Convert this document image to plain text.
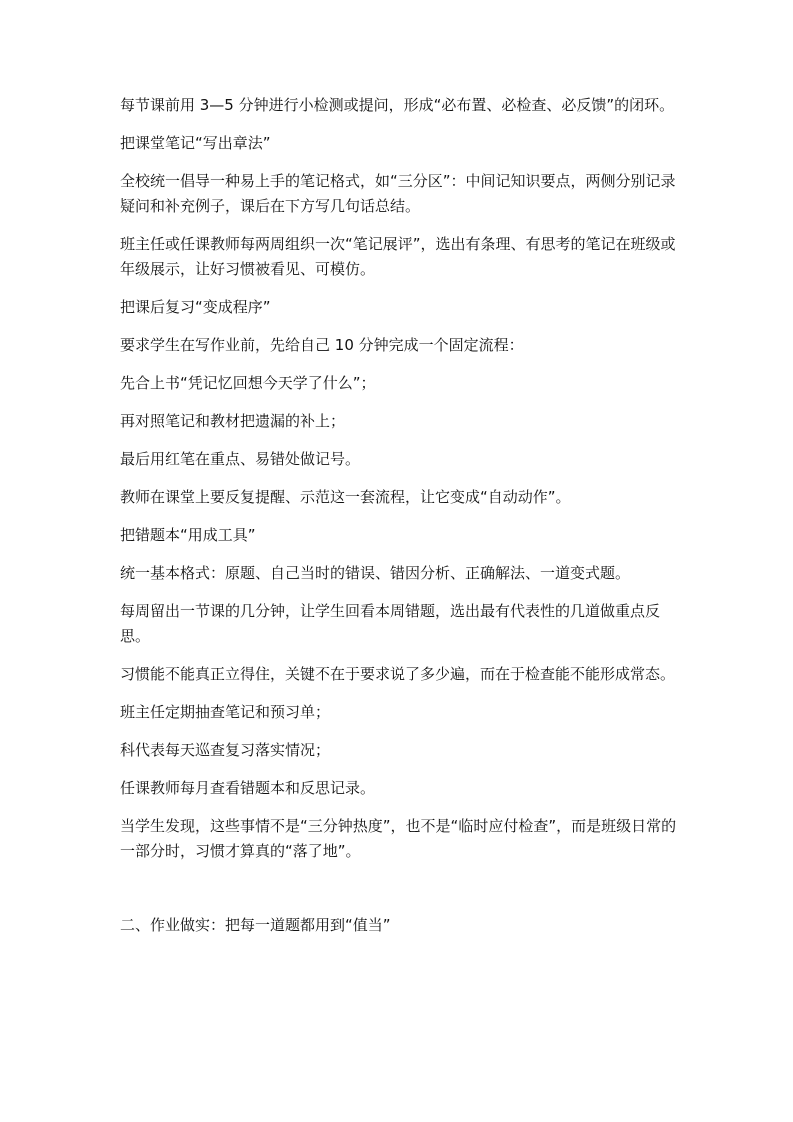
每节课前用 3—5 分钟进行小检测或提问，形成“必布置、必检查、必反馈”的闭环。

把课堂笔记“写出章法”

全校统一倡导一种易上手的笔记格式，如“三分区”：中间记知识要点，两侧分别记录疑问和补充例子，课后在下方写几句话总结。

班主任或任课教师每两周组织一次“笔记展评”，选出有条理、有思考的笔记在班级或年级展示，让好习惯被看见、可模仿。

把课后复习“变成程序”

要求学生在写作业前，先给自己 10 分钟完成一个固定流程：

先合上书“凭记忆回想今天学了什么”；

再对照笔记和教材把遗漏的补上；

最后用红笔在重点、易错处做记号。

教师在课堂上要反复提醒、示范这一套流程，让它变成“自动动作”。

把错题本“用成工具”

统一基本格式：原题、自己当时的错误、错因分析、正确解法、一道变式题。

每周留出一节课的几分钟，让学生回看本周错题，选出最有代表性的几道做重点反思。

习惯能不能真正立得住，关键不在于要求说了多少遍，而在于检查能不能形成常态。

班主任定期抽查笔记和预习单；

科代表每天巡查复习落实情况；

任课教师每月查看错题本和反思记录。

当学生发现，这些事情不是“三分钟热度”，也不是“临时应付检查”，而是班级日常的一部分时，习惯才算真的“落了地”。

二、作业做实：把每一道题都用到“值当”
